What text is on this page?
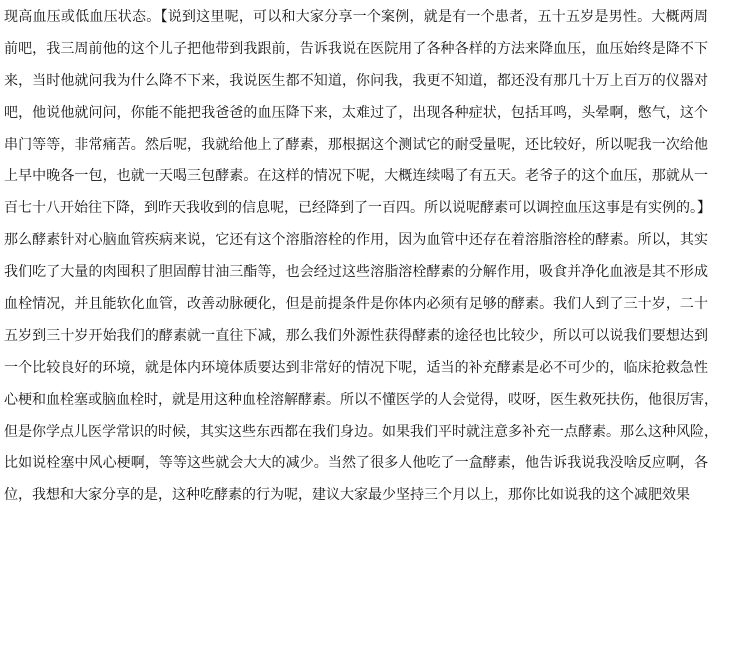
现高血压或低血压状态。【说到这里呢，可以和大家分享一个案例，就是有一个患者，五十五岁是男性。大概两周
前吧，我三周前他的这个儿子把他带到我跟前，告诉我说在医院用了各种各样的方法来降血压，血压始终是降不下
来，当时他就问我为什么降不下来，我说医生都不知道，你问我，我更不知道，都还没有那几十万上百万的仪器对
吧，他说他就问问，你能不能把我爸爸的血压降下来，太难过了，出现各种症状，包括耳鸣，头晕啊，憋气，这个
串门等等，非常痛苦。然后呢，我就给他上了酵素，那根据这个测试它的耐受量呢，还比较好，所以呢我一次给他
上早中晚各一包，也就一天喝三包酵素。在这样的情况下呢，大概连续喝了有五天。老爷子的这个血压，那就从一
百七十八开始往下降，到昨天我收到的信息呢，已经降到了一百四。所以说呢酵素可以调控血压这事是有实例的。】
那么酵素针对心脑血管疾病来说，它还有这个溶脂溶栓的作用，因为血管中还存在着溶脂溶栓的酵素。所以，其实
我们吃了大量的肉囤积了胆固醇甘油三酯等，也会经过这些溶脂溶栓酵素的分解作用，吸食并净化血液是其不形成
血栓情况，并且能软化血管，改善动脉硬化，但是前提条件是你体内必须有足够的酵素。我们人到了三十岁，二十
五岁到三十岁开始我们的酵素就一直往下减，那么我们外源性获得酵素的途径也比较少，所以可以说我们要想达到
一个比较良好的环境，就是体内环境体质要达到非常好的情况下呢，适当的补充酵素是必不可少的，临床抢救急性
心梗和血栓塞或脑血栓时，就是用这种血栓溶解酵素。所以不懂医学的人会觉得，哎呀，医生救死扶伤，他很厉害，
但是你学点儿医学常识的时候，其实这些东西都在我们身边。如果我们平时就注意多补充一点酵素。那么这种风险，
比如说栓塞中风心梗啊，等等这些就会大大的减少。当然了很多人他吃了一盒酵素，他告诉我说我没啥反应啊，各
位，我想和大家分享的是，这种吃酵素的行为呢，建议大家最少坚持三个月以上，那你比如说我的这个减肥效果
